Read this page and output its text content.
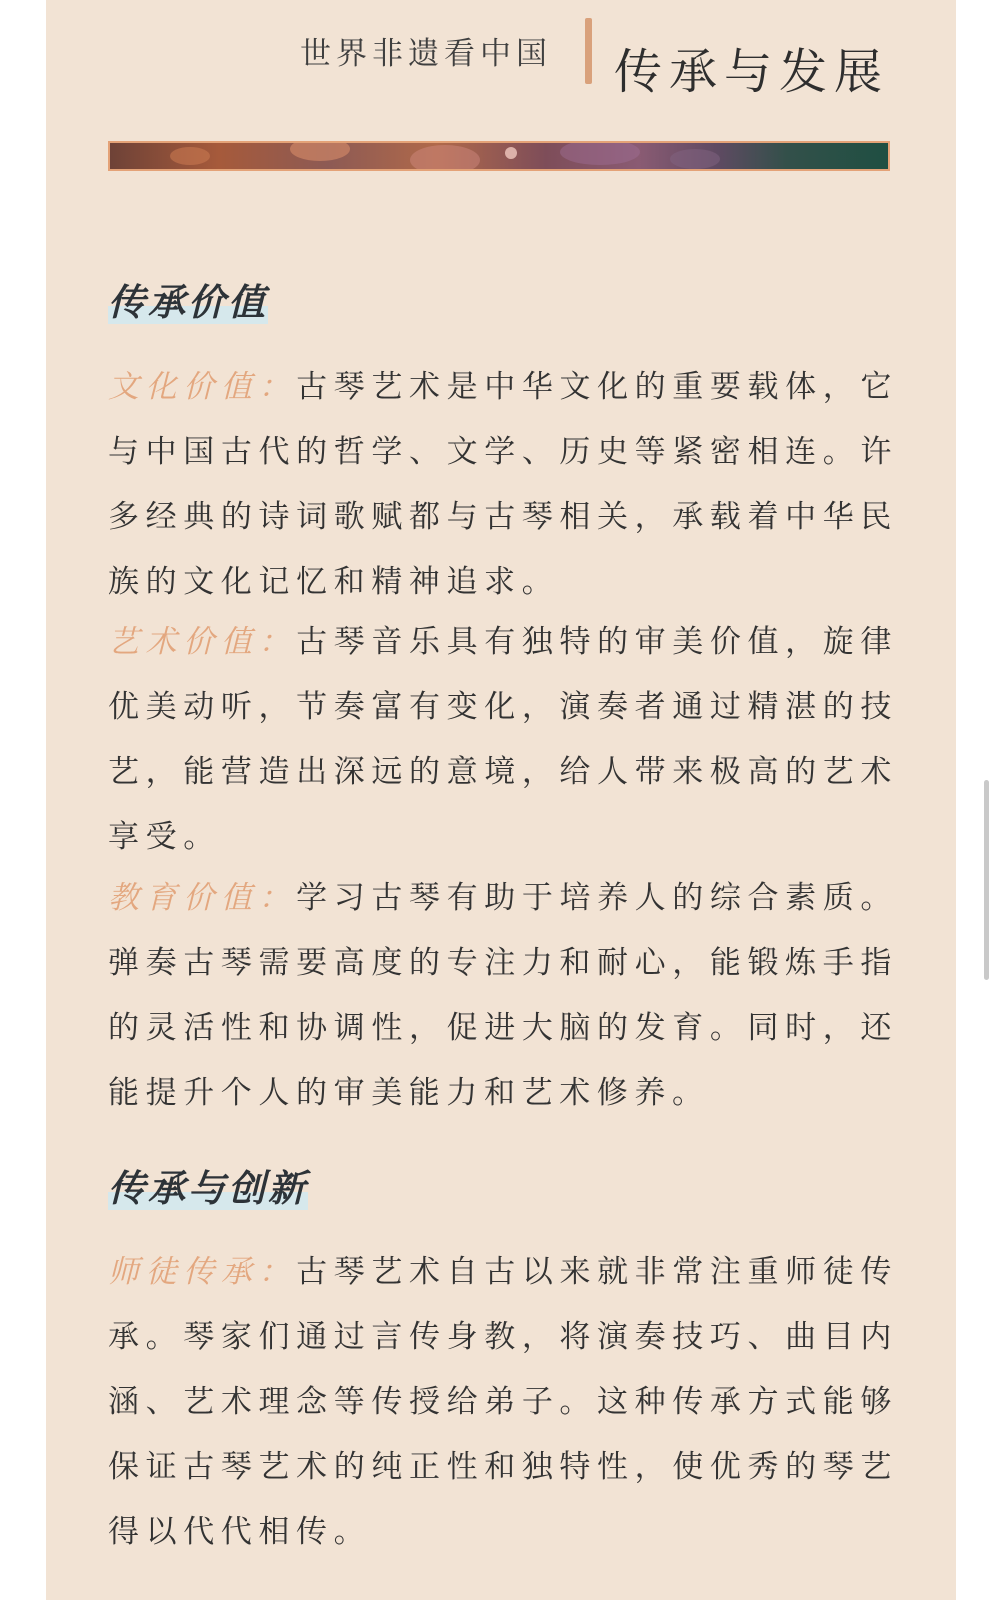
世界非遗看中国 传承与发展
传承价值

文化价值：古琴艺术是中华文化的重要载体，它与中国古代的哲学、文学、历史等紧密相连。许多经典的诗词歌赋都与古琴相关，承载着中华民族的文化记忆和精神追求。

艺术价值：古琴音乐具有独特的审美价值，旋律优美动听，节奏富有变化，演奏者通过精湛的技艺，能营造出深远的意境，给人带来极高的艺术享受。

教育价值：学习古琴有助于培养人的综合素质。弹奏古琴需要高度的专注力和耐心，能锻炼手指的灵活性和协调性，促进大脑的发育。同时，还能提升个人的审美能力和艺术修养。

传承与创新

师徒传承：古琴艺术自古以来就非常注重师徒传承。琴家们通过言传身教，将演奏技巧、曲目内涵、艺术理念等传授给弟子。这种传承方式能够保证古琴艺术的纯正性和独特性，使优秀的琴艺得以代代相传。
